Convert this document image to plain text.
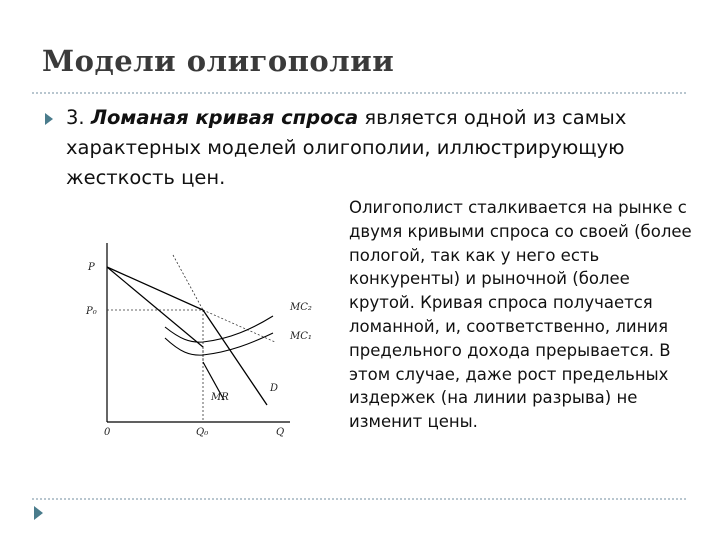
Модели олигополии
3. Ломаная кривая спроса является одной из самых характерных моделей олигополии, иллюстрирующую жесткость цен.
P
P₀
0	Q₀	Q
MC₂
MC₁
MR
D
Олигополист сталкивается на рынке с двумя кривыми спроса со своей (более пологой, так как у него есть конкуренты) и рыночной (более крутой. Кривая спроса получается ломанной, и, соответственно, линия предельного дохода прерывается. В этом случае, даже рост предельных издержек (на линии разрыва) не изменит цены.
